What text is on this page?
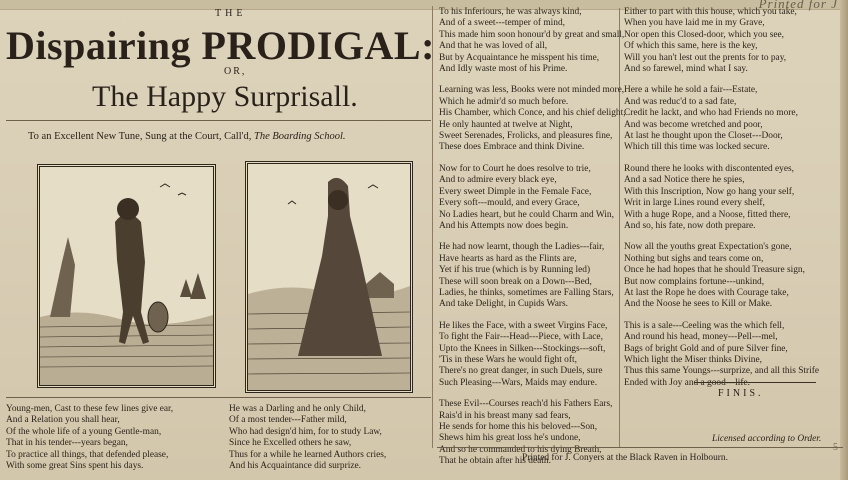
Printed for J
THE
Dispairing PRODIGAL:
OR,
The Happy Surprisall.
To an Excellent New Tune, Sung at the Court, Call'd, The Boarding School.

To his Inferiours, he was always kind,
And of a sweet---temper of mind,
This made him soon honour'd by great and small,
And that he was loved of all,
But by Acquaintance he misspent his time,
And Idly waste most of his Prime.

Learning was less, Books were not minded more,
Which he admir'd so much before.
His Chamber, which Conce, and his chief delight,
He only haunted at twelve at Night,
Sweet Serenades, Frolicks, and pleasures fine,
These does Embrace and think Divine.

Now for to Court he does resolve to trie,
And to admire every black eye,
Every sweet Dimple in the Female Face,
Every soft---mould, and every Grace,
No Ladies heart, but he could Charm and Win,
And his Attempts now does begin.

He had now learnt, though the Ladies---fair,
Have hearts as hard as the Flints are,
Yet if his true (which is by Running led)
These will soon break on a Down---Bed,
Ladies, he thinks, sometimes are Falling Stars,
And take Delight, in Cupids Wars.

He likes the Face, with a sweet Virgins Face,
To fight the Fair---Head---Piece, with Lace,
Upto the Knees in Silken---Stockings---soft,
'Tis in these Wars he would fight oft,
There's no great danger, in such Duels, sure
Such Pleasing---Wars, Maids may endure.

These Evil---Courses reach'd his Fathers Ears,
Rais'd in his breast many sad fears,
He sends for home this his beloved---Son,
Shews him his great loss he's undone,
And so he commanded to his dying Breath,
That he obtain after his death.

Either to part with this house, which you take,
When you have laid me in my Grave,
Nor open this Closed-door, which you see,
Of which this same, here is the key,
Will you han't lest out the prents for to pay,
And so farewel, mind what I say.

Here a while he sold a fair---Estate,
And was reduc'd to a sad fate,
Credit he lackt, and who had Friends no more,
And was become wretched and poor,
At last he thought upon the Closet---Door,
Which till this time was locked secure.

Round there he looks with discontented eyes,
And a sad Notice there he spies,
With this Inscription, Now go hang your self,
Writ in large Lines round every shelf,
With a huge Rope, and a Noose, fitted there,
And so, his fate, now doth prepare.

Now all the youths great Expectation's gone,
Nothing but sighs and tears come on,
Once he had hopes that he should Treasure sign,
But now complains fortune---unkind,
At last the Rope he does with Courage take,
And the Noose he sees to Kill or Make.

This is a sale---Ceeling was the which fell,
And round his head, money---Pell---mel,
Bags of bright Gold and of pure Silver fine,
Which light the Miser thinks Divine,
Thus this same Youngs---surprize, and all this Strife
Ended with Joy and a good---life.

FINIS.
Licensed according to Order.
Young-men, Cast to these few lines give ear,
And a Relation you shall hear,
Of the whole life of a young Gentle-man,
That in his tender---years began,
To practice all things, that defended please,
With some great Sins spent his days.
He was a Darling and he only Child,
Of a most tender---Father mild,
Who had design'd him, for to study Law,
Since he Excelled others he saw,
Thus for a while he learned Authors cries,
And his Acquaintance did surprize.
Printed for J. Conyers at the Black Raven in Holbourn.
5
